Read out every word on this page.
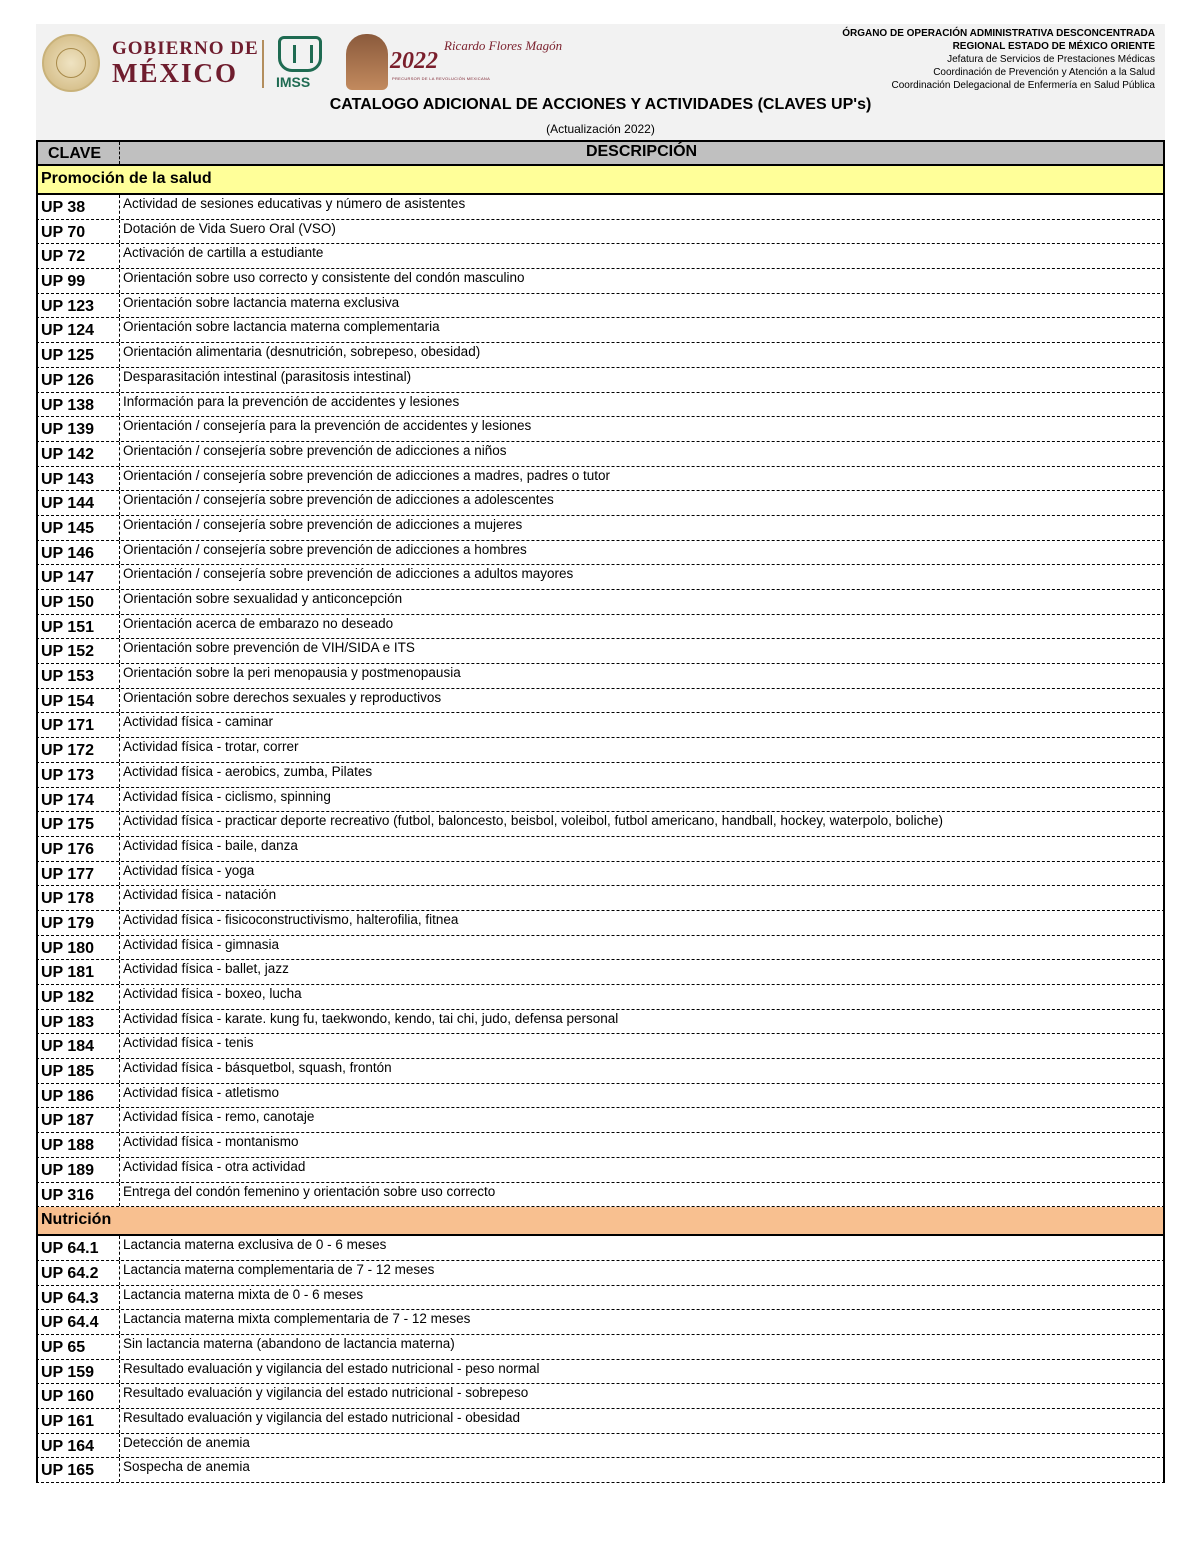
GOBIERNO DE
MÉXICO	IMSS
2022
Ricardo Flores Magón
PRECURSOR DE LA REVOLUCIÓN MEXICANA
ÓRGANO DE OPERACIÓN ADMINISTRATIVA DESCONCENTRADA
REGIONAL ESTADO DE MÉXICO ORIENTE
Jefatura de Servicios de Prestaciones Médicas
Coordinación de Prevención y Atención a la Salud
Coordinación Delegacional de Enfermería en Salud Pública
CATALOGO ADICIONAL DE ACCIONES Y ACTIVIDADES (CLAVES UP's)
(Actualización 2022)
CLAVE	DESCRIPCIÓN
Promoción de la salud
UP 38	Actividad de sesiones educativas y número de asistentes
UP 70	Dotación de Vida Suero Oral (VSO)
UP 72	Activación de cartilla a estudiante
UP 99	Orientación sobre uso correcto y consistente del condón masculino
UP 123	Orientación sobre lactancia materna exclusiva
UP 124	Orientación sobre lactancia materna complementaria
UP 125	Orientación alimentaria (desnutrición, sobrepeso, obesidad)
UP 126	Desparasitación intestinal (parasitosis intestinal)
UP 138	Información para la prevención de accidentes y lesiones
UP 139	Orientación / consejería para la prevención de accidentes y lesiones
UP 142	Orientación / consejería sobre prevención de adicciones a niños
UP 143	Orientación / consejería sobre prevención de adicciones a madres, padres o tutor
UP 144	Orientación / consejería sobre prevención de adicciones a adolescentes
UP 145	Orientación / consejería sobre prevención de adicciones a mujeres
UP 146	Orientación / consejería sobre prevención de adicciones a hombres
UP 147	Orientación / consejería sobre prevención de adicciones a adultos mayores
UP 150	Orientación sobre sexualidad y anticoncepción
UP 151	Orientación acerca de embarazo no deseado
UP 152	Orientación sobre prevención de VIH/SIDA e ITS
UP 153	Orientación sobre la peri menopausia y postmenopausia
UP 154	Orientación sobre derechos sexuales y reproductivos
UP 171	Actividad física - caminar
UP 172	Actividad física - trotar, correr
UP 173	Actividad física - aerobics, zumba, Pilates
UP 174	Actividad física - ciclismo, spinning
UP 175	Actividad física - practicar deporte recreativo (futbol, baloncesto, beisbol, voleibol, futbol americano, handball, hockey, waterpolo, boliche)
UP 176	Actividad física - baile, danza
UP 177	Actividad física - yoga
UP 178	Actividad física - natación
UP 179	Actividad física - fisicoconstructivismo, halterofilia, fitnea
UP 180	Actividad física - gimnasia
UP 181	Actividad física - ballet, jazz
UP 182	Actividad física - boxeo, lucha
UP 183	Actividad física - karate. kung fu, taekwondo, kendo, tai chi, judo, defensa personal
UP 184	Actividad física - tenis
UP 185	Actividad física - básquetbol, squash, frontón
UP 186	Actividad física - atletismo
UP 187	Actividad física - remo, canotaje
UP 188	Actividad física - montanismo
UP 189	Actividad física - otra actividad
UP 316	Entrega del condón femenino y orientación sobre uso correcto
Nutrición
UP 64.1	Lactancia materna exclusiva de 0 - 6 meses
UP 64.2	Lactancia materna complementaria de 7 - 12 meses
UP 64.3	Lactancia materna mixta de 0 - 6 meses
UP 64.4	Lactancia materna mixta complementaria de 7 - 12 meses
UP 65	Sin lactancia materna (abandono de lactancia materna)
UP 159	Resultado evaluación y vigilancia del estado nutricional - peso normal
UP 160	Resultado evaluación y vigilancia del estado nutricional - sobrepeso
UP 161	Resultado evaluación y vigilancia del estado nutricional - obesidad
UP 164	Detección de anemia
UP 165	Sospecha de anemia
